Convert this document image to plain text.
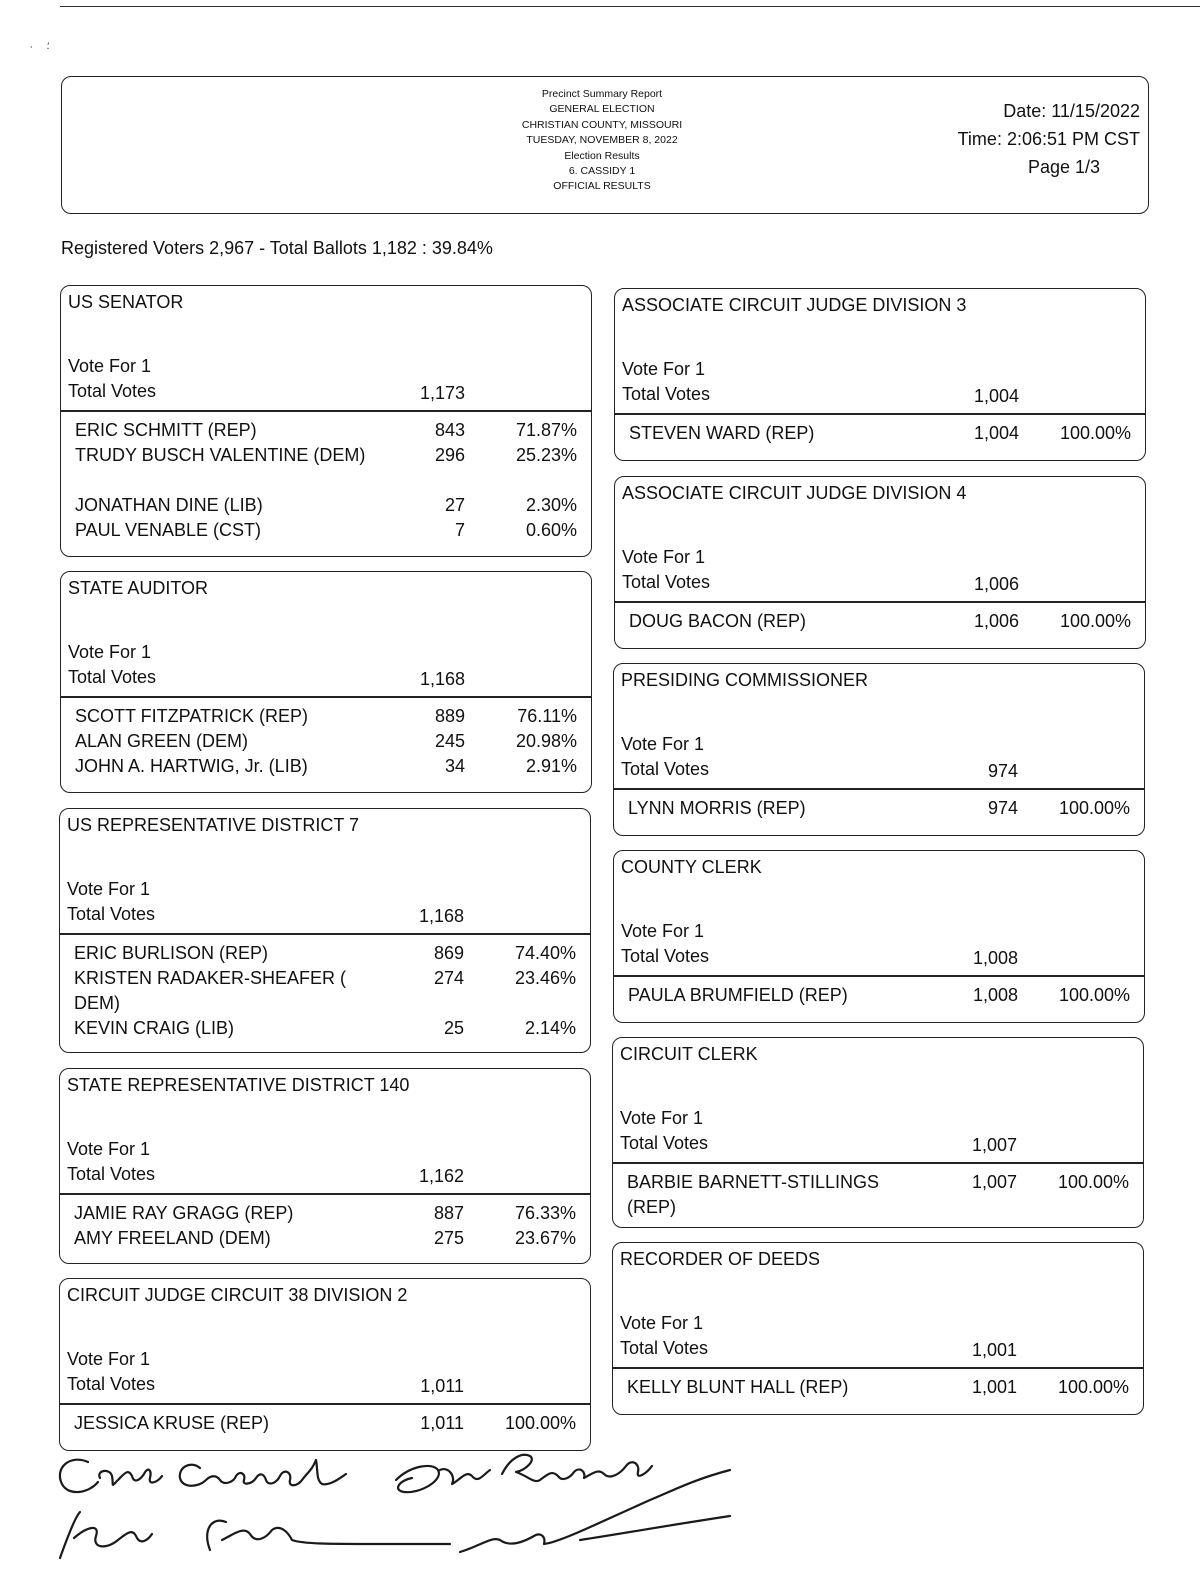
⸳     ⸵
Precinct Summary Report
GENERAL ELECTION
CHRISTIAN COUNTY, MISSOURI
TUESDAY, NOVEMBER 8, 2022
Election Results
6. CASSIDY 1
OFFICIAL RESULTS
Date: 11/15/2022
Time: 2:06:51 PM CST
Page 1/3
Registered Voters 2,967 - Total Ballots 1,182 : 39.84%
US SENATOR
Vote For 1
Total Votes	1,173
ERIC SCHMITT (REP)	843	71.87%
TRUDY BUSCH VALENTINE (DEM)	296	25.23%
JONATHAN DINE (LIB)	27	2.30%
PAUL VENABLE (CST)	7	0.60%
STATE AUDITOR
Vote For 1
Total Votes	1,168
SCOTT FITZPATRICK (REP)	889	76.11%
ALAN GREEN (DEM)	245	20.98%
JOHN A. HARTWIG, Jr. (LIB)	34	2.91%
US REPRESENTATIVE DISTRICT 7
Vote For 1
Total Votes	1,168
ERIC BURLISON (REP)	869	74.40%
KRISTEN RADAKER-SHEAFER ( DEM)
274	23.46%
KEVIN CRAIG (LIB)	25	2.14%
STATE REPRESENTATIVE DISTRICT 140
Vote For 1
Total Votes	1,162
JAMIE RAY GRAGG (REP)	887	76.33%
AMY FREELAND (DEM)	275	23.67%
CIRCUIT JUDGE CIRCUIT 38 DIVISION 2
Vote For 1
Total Votes	1,011
JESSICA KRUSE (REP)	1,011 100.00%
ASSOCIATE CIRCUIT JUDGE DIVISION 3
Vote For 1
Total Votes	1,004
STEVEN WARD (REP)	1,004 100.00%
ASSOCIATE CIRCUIT JUDGE DIVISION 4
Vote For 1
Total Votes	1,006
DOUG BACON (REP)	1,006 100.00%
PRESIDING COMMISSIONER
Vote For 1
Total Votes	974
LYNN MORRIS (REP)	974 100.00%
COUNTY CLERK
Vote For 1
Total Votes	1,008
PAULA BRUMFIELD (REP)	1,008 100.00%
CIRCUIT CLERK
Vote For 1
Total Votes	1,007
BARBIE BARNETT-STILLINGS (REP)
1,007 100.00%
RECORDER OF DEEDS
Vote For 1
Total Votes	1,001
KELLY BLUNT HALL (REP)	1,001 100.00%
